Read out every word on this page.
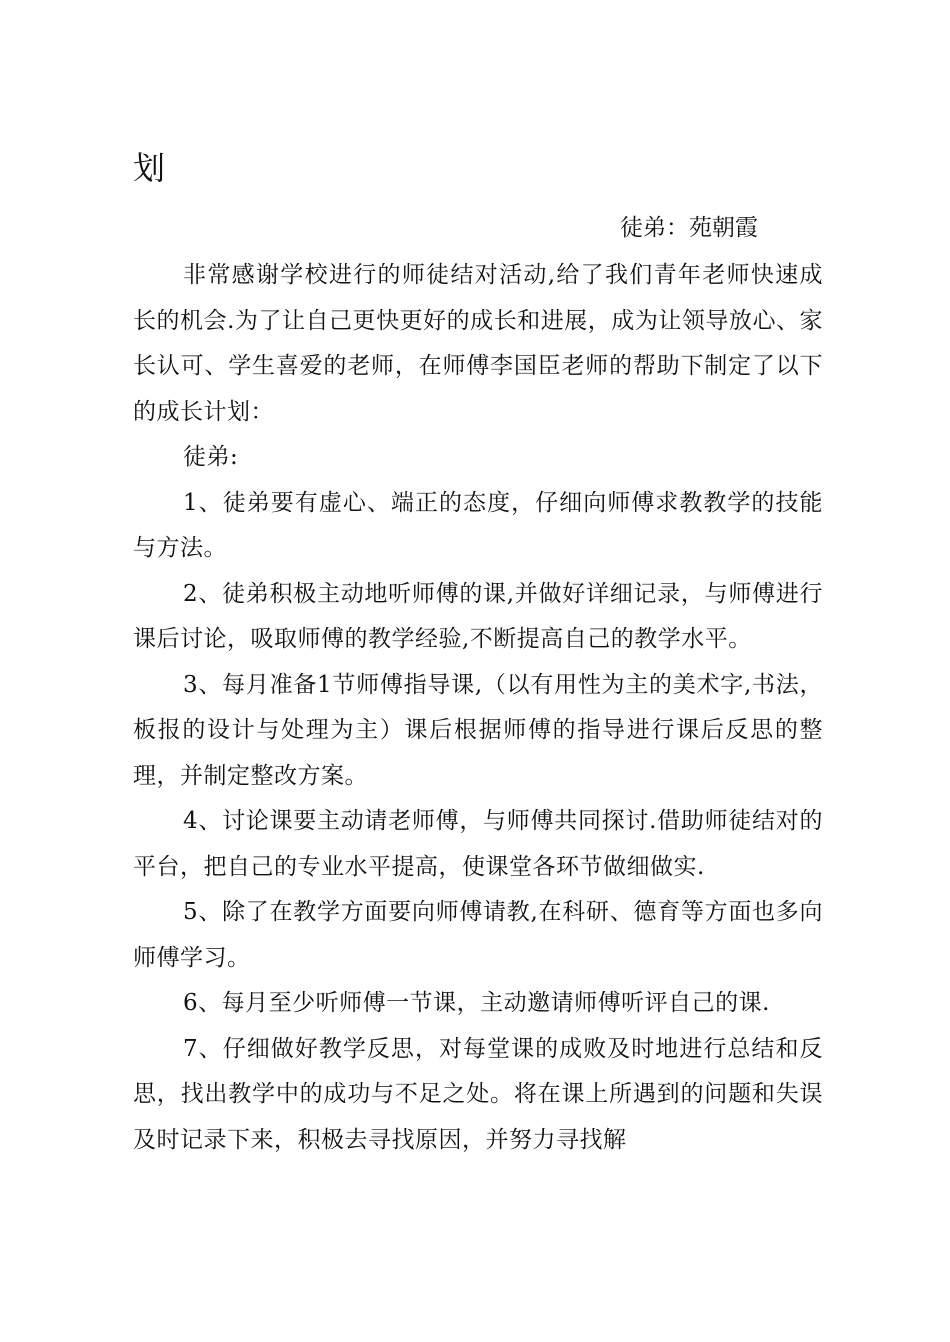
划
徒弟：苑朝霞

非常感谢学校进行的师徒结对活动,给了我们青年老师快速成长的机会.为了让自己更快更好的成长和进展，成为让领导放心、家长认可、学生喜爱的老师，在师傅李国臣老师的帮助下制定了以下的成长计划：

徒弟:

1、徒弟要有虚心、端正的态度，仔细向师傅求教教学的技能与方法。

2、徒弟积极主动地听师傅的课,并做好详细记录，与师傅进行课后讨论，吸取师傅的教学经验,不断提高自己的教学水平。

3、每月准备1节师傅指导课,（以有用性为主的美术字,书法，板报的设计与处理为主）课后根据师傅的指导进行课后反思的整理，并制定整改方案。

4、讨论课要主动请老师傅，与师傅共同探讨.借助师徒结对的平台，把自己的专业水平提高，使课堂各环节做细做实.

5、除了在教学方面要向师傅请教,在科研、德育等方面也多向师傅学习。

6、每月至少听师傅一节课，主动邀请师傅听评自己的课.

7、仔细做好教学反思，对每堂课的成败及时地进行总结和反思，找出教学中的成功与不足之处。将在课上所遇到的问题和失误及时记录下来，积极去寻找原因，并努力寻找解
